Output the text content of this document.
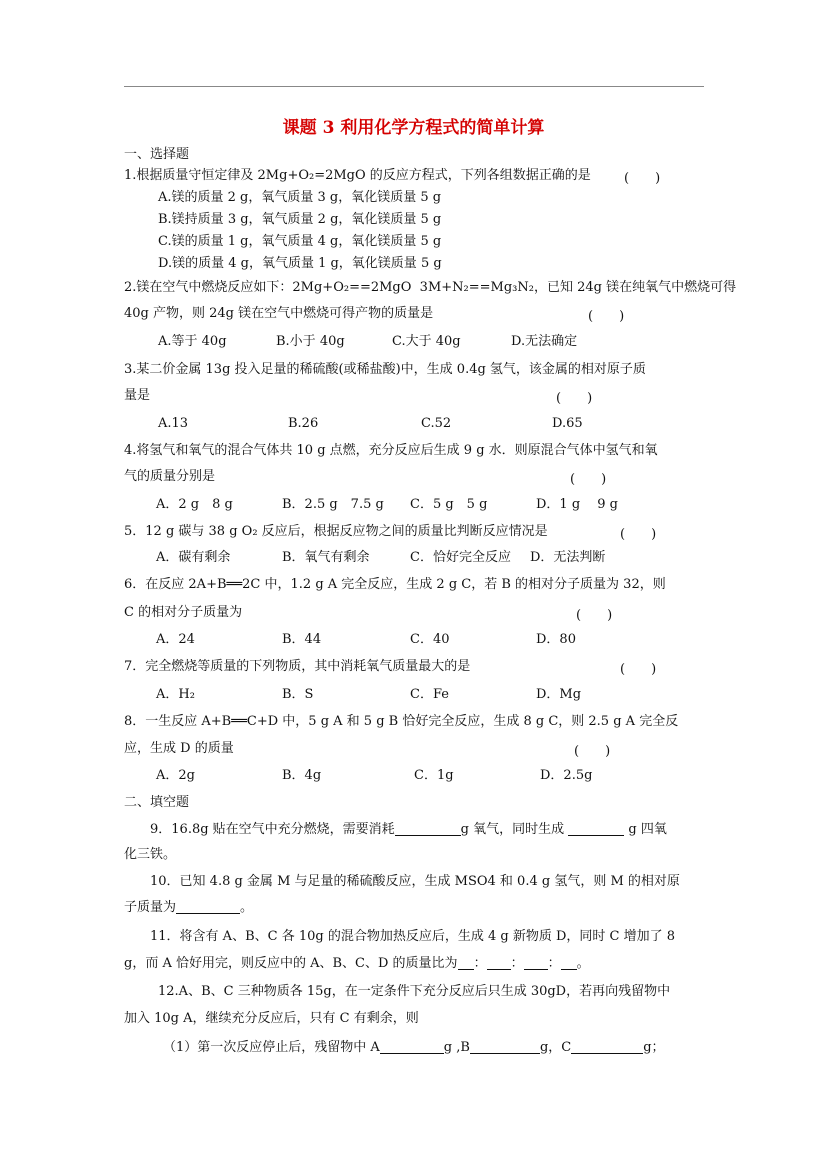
课题 3 利用化学方程式的简单计算
一、选择题
1.根据质量守恒定律及 2Mg+O₂=2MgO 的反应方程式，下列各组数据正确的是	(　　)
A.镁的质量 2 g，氧气质量 3 g，氧化镁质量 5 g
B.镁持质量 3 g，氧气质量 2 g，氧化镁质量 5 g
C.镁的质量 1 g，氧气质量 4 g，氧化镁质量 5 g
D.镁的质量 4 g，氧气质量 1 g，氧化镁质量 5 g
2.镁在空气中燃烧反应如下：2Mg+O₂==2MgO  3M+N₂==Mg₃N₂，已知 24g 镁在纯氧气中燃烧可得
40g 产物，则 24g 镁在空气中燃烧可得产物的质量是	(　　)
A.等于 40g	B.小于 40g	C.大于 40g	D.无法确定
3.某二价金属 13g 投入足量的稀硫酸(或稀盐酸)中，生成 0.4g 氢气，该金属的相对原子质
量是	(　　)
A.13	B.26	C.52	D.65
4.将氢气和氧气的混合气体共 10 g 点燃，充分反应后生成 9 g 水．则原混合气体中氢气和氧
气的质量分别是	(　　)
A．2 g　8 g	B．2.5 g　7.5 g C．5 g　5 g	D．1 g　 9 g
5．12 g 碳与 38 g O₂ 反应后，根据反应物之间的质量比判断反应情况是	(　　)
A．碳有剩余	B．氧气有剩余	C．恰好完全反应 D．无法判断
6．在反应 2A+B══2C 中，1.2 g A 完全反应，生成 2 g C，若 B 的相对分子质量为 32，则
C 的相对分子质量为	(　　)
A．24	B．44	C．40	D．80
7．完全燃烧等质量的下列物质，其中消耗氧气质量最大的是	(　　)
A．H₂	B．S	C．Fe	D．Mg
8．一生反应 A+B══C+D 中，5 g A 和 5 g B 恰好完全反应，生成 8 g C，则 2.5 g A 完全反
应，生成 D 的质量	(　　)
A．2g	B．4g	C．1g	D．2.5g
二、填空题
9．16.8g 贴在空气中充分燃烧，需要消耗	g 氧气，同时生成	g 四氧
化三铁。
10．已知 4.8 g 金属 M 与足量的稀硫酸反应，生成 MSO4 和 0.4 g 氢气，则 M 的相对原
子质量为	。
11．将含有 A、B、C 各 10g 的混合物加热反应后，生成 4 g 新物质 D，同时 C 增加了 8
g，而 A 恰好用完，则反应中的 A、B、C、D 的质量比为 ： ： ： 。
12.A、B、C 三种物质各 15g，在一定条件下充分反应后只生成 30gD，若再向残留物中
加入 10g A，继续充分反应后，只有 C 有剩余，则
（1）第一次反应停止后，残留物中 A	g ,B	g，C	g；
